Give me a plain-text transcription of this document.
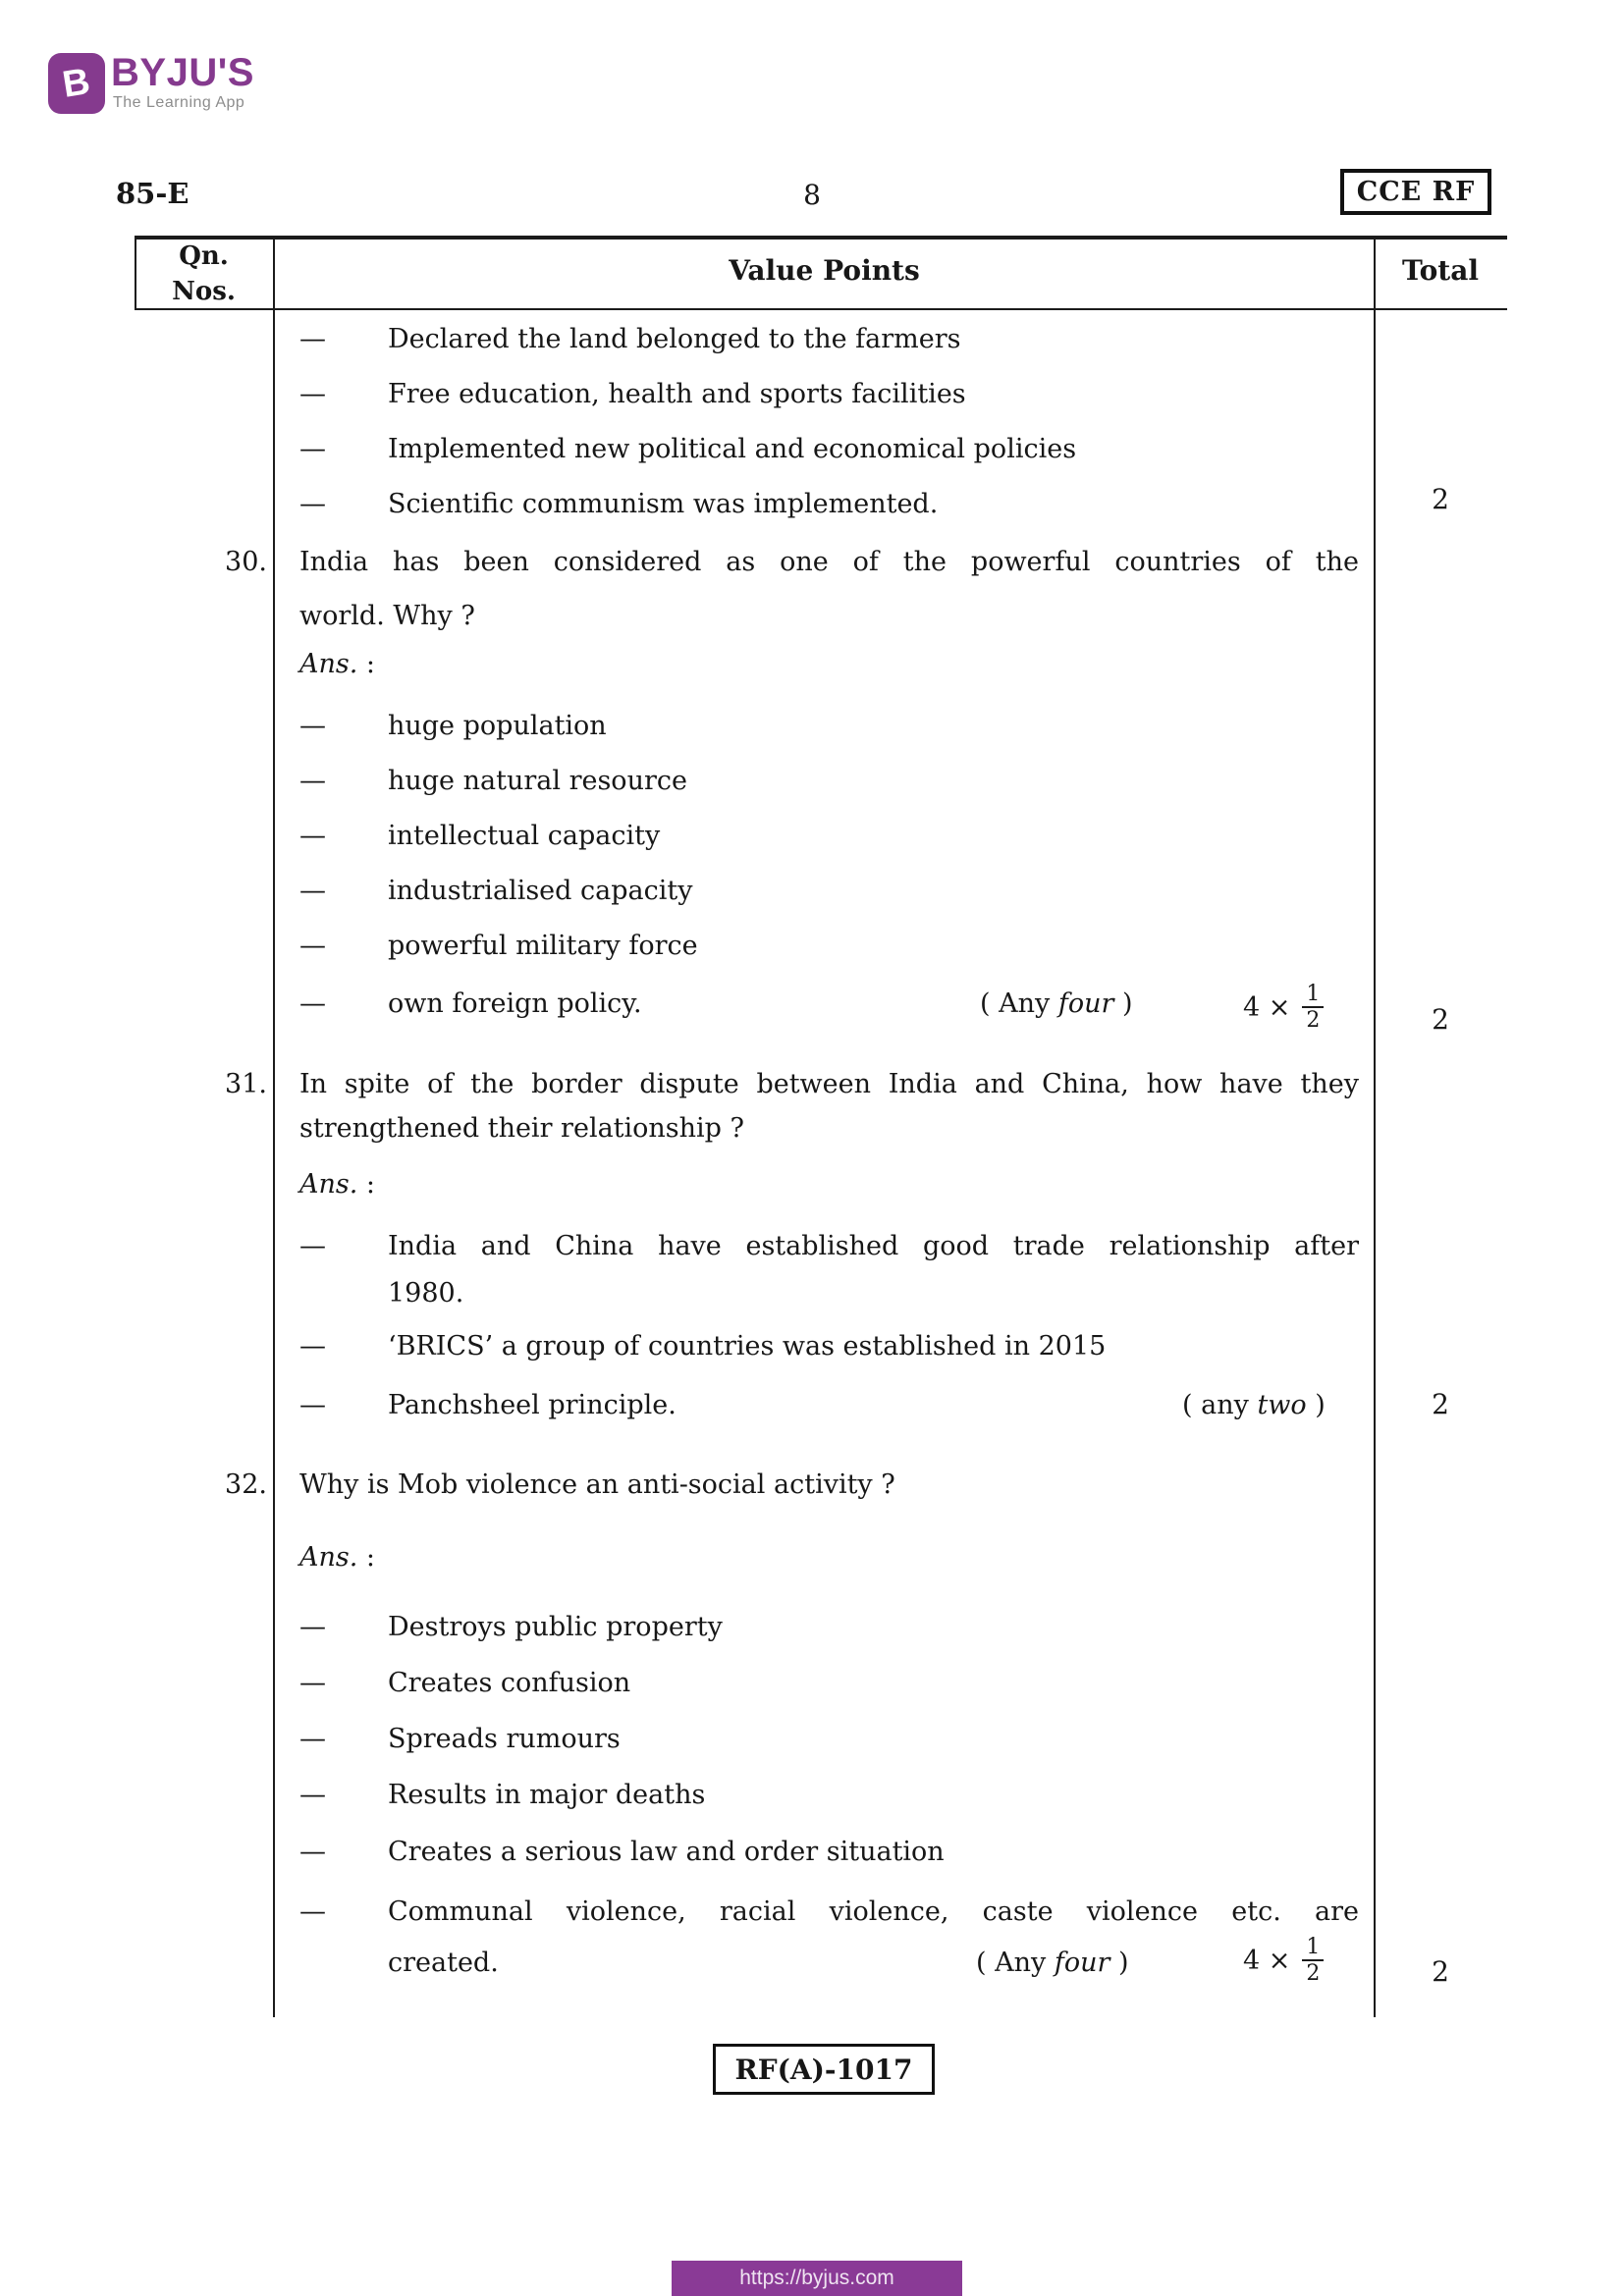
B BYJU'S
The Learning App
85-E	8	CCE RF
Qn.
Nos.
Value Points	Total
— Declared the land belonged to the farmers
— Free education, health and sports facilities
— Implemented new political and economical policies
— Scientific communism was implemented.	2
30. India has been considered as one of the powerful countries of the
world. Why ?
Ans. :
— huge population
— huge natural resource
— intellectual capacity
— industrialised capacity
— powerful military force
— own foreign policy.	( Any four )	$4 \times \frac{1}{2}$	2
31. In spite of the border dispute between India and China, how have they
strengthened their relationship ?
Ans. :
—	India and China have established good trade relationship after
1980.
— ‘BRICS’ a group of countries was established in 2015
— Panchsheel principle.	( any two )	2
32. Why is Mob violence an anti-social activity ?
Ans. :
— Destroys public property
— Creates confusion
— Spreads rumours
— Results in major deaths
— Creates a serious law and order situation
—	Communal violence, racial violence, caste violence etc. are
created.	( Any four )	$4 \times \frac{1}{2}$	2
RF(A)-1017
https://byjus.com
